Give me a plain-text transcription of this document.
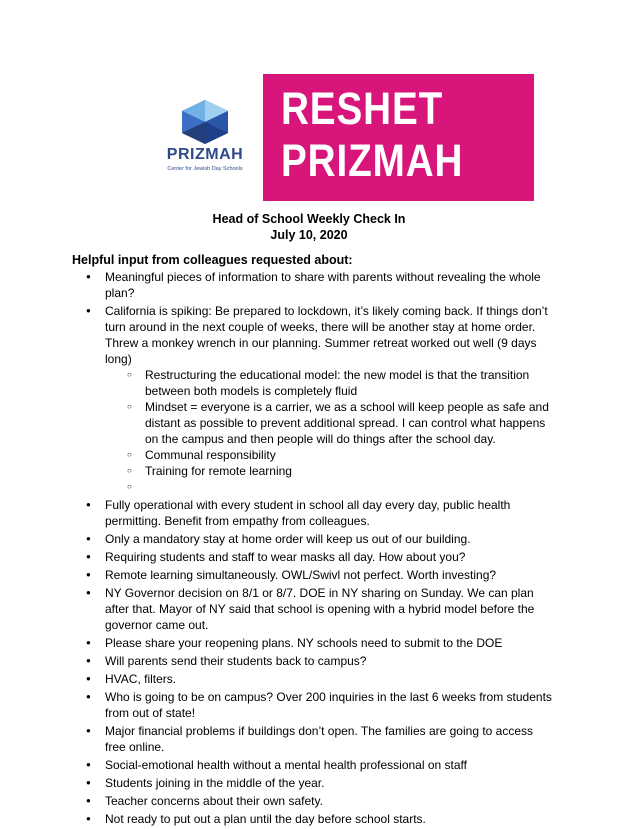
PRIZMAH
Center for Jewish Day Schools
RESHET
PRIZMAH
Head of School Weekly Check In
July 10, 2020
Helpful input from colleagues requested about:
● Meaningful pieces of information to share with parents without revealing the whole plan?
● California is spiking: Be prepared to lockdown, it’s likely coming back. If things don’t turn around in the next couple of weeks, there will be another stay at home order. Threw a monkey wrench in our planning. Summer retreat worked out well (9 days long)
○ Restructuring the educational model: the new model is that the transition between both models is completely fluid
○ Mindset = everyone is a carrier, we as a school will keep people as safe and distant as possible to prevent additional spread. I can control what happens on the campus and then people will do things after the school day.
○ Communal responsibility
○ Training for remote learning
○
● Fully operational with every student in school all day every day, public health permitting. Benefit from empathy from colleagues.
● Only a mandatory stay at home order will keep us out of our building.
● Requiring students and staff to wear masks all day. How about you?
● Remote learning simultaneously. OWL/Swivl not perfect. Worth investing?
● NY Governor decision on 8/1 or 8/7. DOE in NY sharing on Sunday. We can plan after that. Mayor of NY said that school is opening with a hybrid model before the governor came out.
● Please share your reopening plans. NY schools need to submit to the DOE
● Will parents send their students back to campus?
● HVAC, filters.
● Who is going to be on campus? Over 200 inquiries in the last 6 weeks from students from out of state!
● Major financial problems if buildings don’t open. The families are going to access free online.
● Social-emotional health without a mental health professional on staff
● Students joining in the middle of the year.
● Teacher concerns about their own safety.
● Not ready to put out a plan until the day before school starts.
